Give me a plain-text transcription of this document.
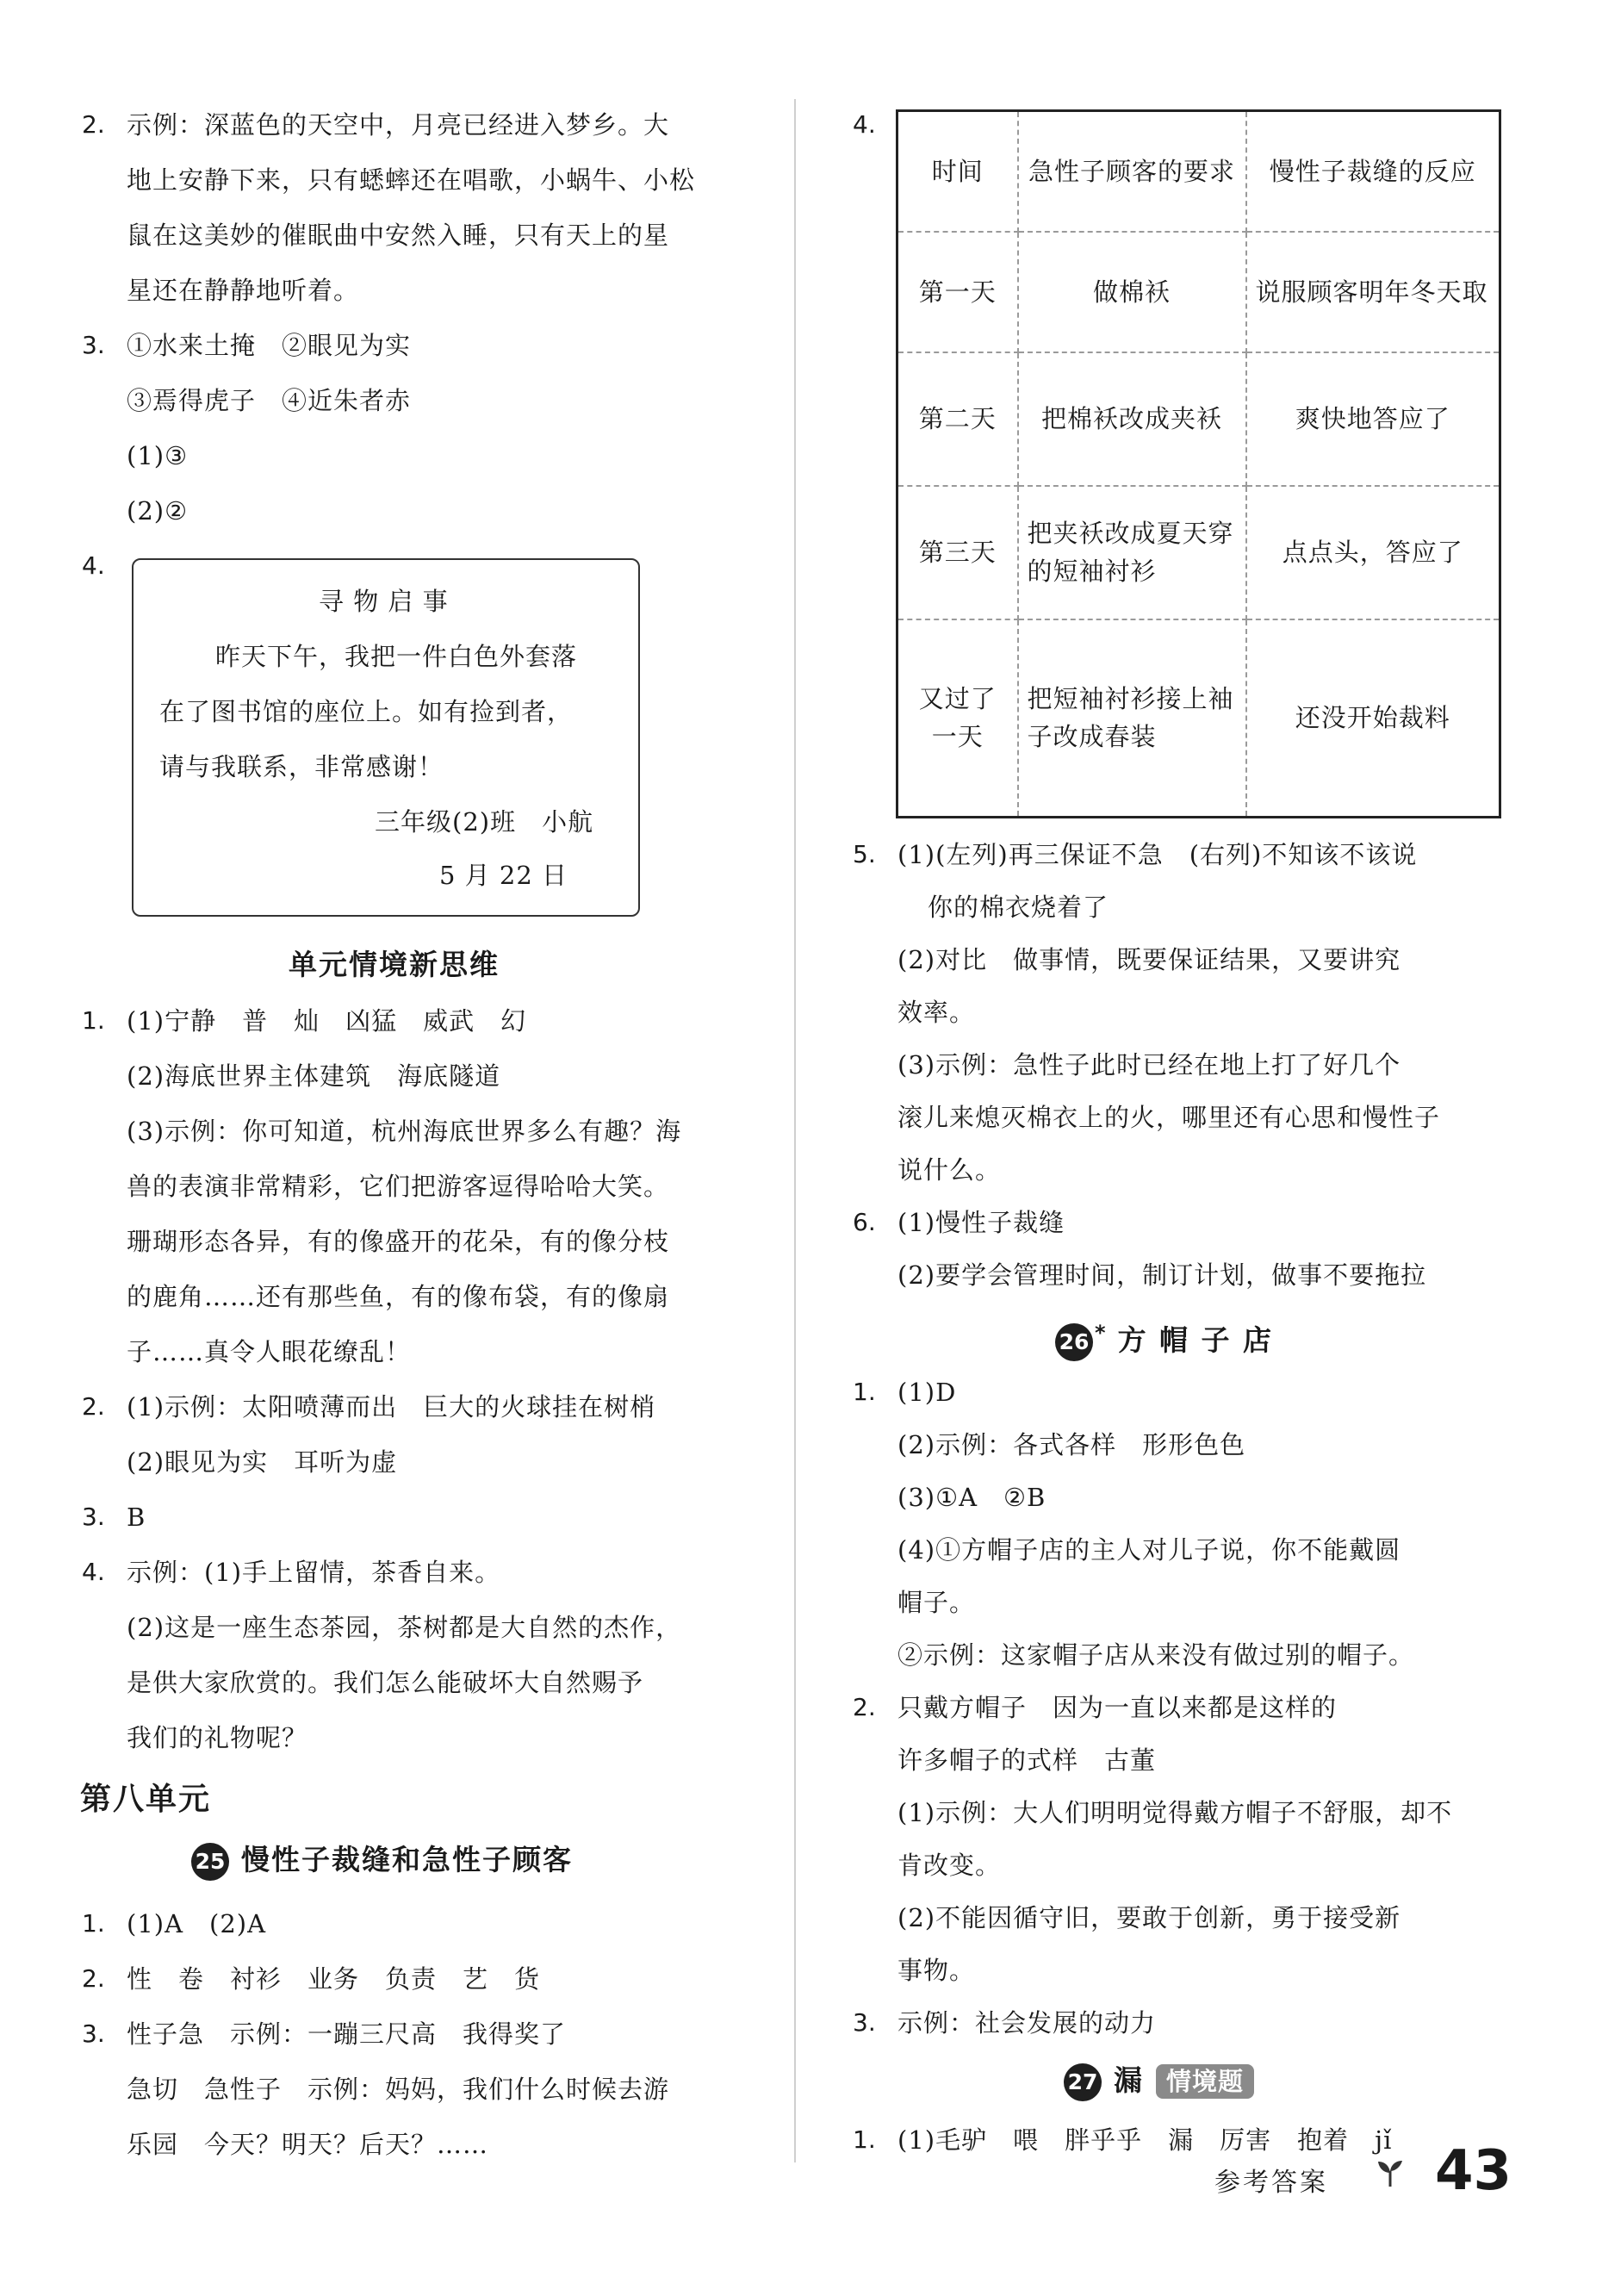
2. 示例：深蓝色的天空中，月亮已经进入梦乡。大
地上安静下来，只有蟋蟀还在唱歌，小蜗牛、小松
鼠在这美妙的催眠曲中安然入睡，只有天上的星
星还在静静地听着。
3. ①水来土掩　②眼见为实
③焉得虎子　④近朱者赤
(1)③
(2)②
4.
寻 物 启 事
昨天下午，我把一件白色外套落
在了图书馆的座位上。如有捡到者，
请与我联系，非常感谢！
三年级(2)班　小航
5 月 22 日
单元情境新思维
1. (1)宁静　普　灿　凶猛　威武　幻
(2)海底世界主体建筑　海底隧道
(3)示例：你可知道，杭州海底世界多么有趣？海
兽的表演非常精彩，它们把游客逗得哈哈大笑。
珊瑚形态各异，有的像盛开的花朵，有的像分枝
的鹿角……还有那些鱼，有的像布袋，有的像扇
子……真令人眼花缭乱！
2. (1)示例：太阳喷薄而出　巨大的火球挂在树梢
(2)眼见为实　耳听为虚
3. B
4. 示例：(1)手上留情，茶香自来。
(2)这是一座生态茶园，茶树都是大自然的杰作，
是供大家欣赏的。我们怎么能破坏大自然赐予
我们的礼物呢？
第八单元
25 慢性子裁缝和急性子顾客
1. (1)A　(2)A
2. 性　卷　衬衫　业务　负责　艺　货
3. 性子急　示例：一蹦三尺高　我得奖了
急切　急性子　示例：妈妈，我们什么时候去游
乐园　今天？明天？后天？……
4.
时间	急性子顾客的要求	慢性子裁缝的反应
第一天	做棉袄	说服顾客明年冬天取
第二天	把棉袄改成夹袄	爽快地答应了
第三天	把夹袄改成夏天穿的短袖衬衫	点点头，答应了
又过了一天	把短袖衬衫接上袖子改成春装	还没开始裁料
5. (1)(左列)再三保证不急　(右列)不知该不该说
你的棉衣烧着了
(2)对比　做事情，既要保证结果，又要讲究
效率。
(3)示例：急性子此时已经在地上打了好几个
滚儿来熄灭棉衣上的火，哪里还有心思和慢性子
说什么。
6. (1)慢性子裁缝
(2)要学会管理时间，制订计划，做事不要拖拉
26 * 方 帽 子 店
1. (1)D
(2)示例：各式各样　形形色色
(3)①A　②B
(4)①方帽子店的主人对儿子说，你不能戴圆
帽子。
②示例：这家帽子店从来没有做过别的帽子。
2. 只戴方帽子　因为一直以来都是这样的
许多帽子的式样　古董
(1)示例：大人们明明觉得戴方帽子不舒服，却不
肯改变。
(2)不能因循守旧，要敢于创新，勇于接受新
事物。
3. 示例：社会发展的动力
27 漏 情境题
1. (1)毛驴　喂　胖乎乎　漏　厉害　抱着　jǐ
参考答案 43
